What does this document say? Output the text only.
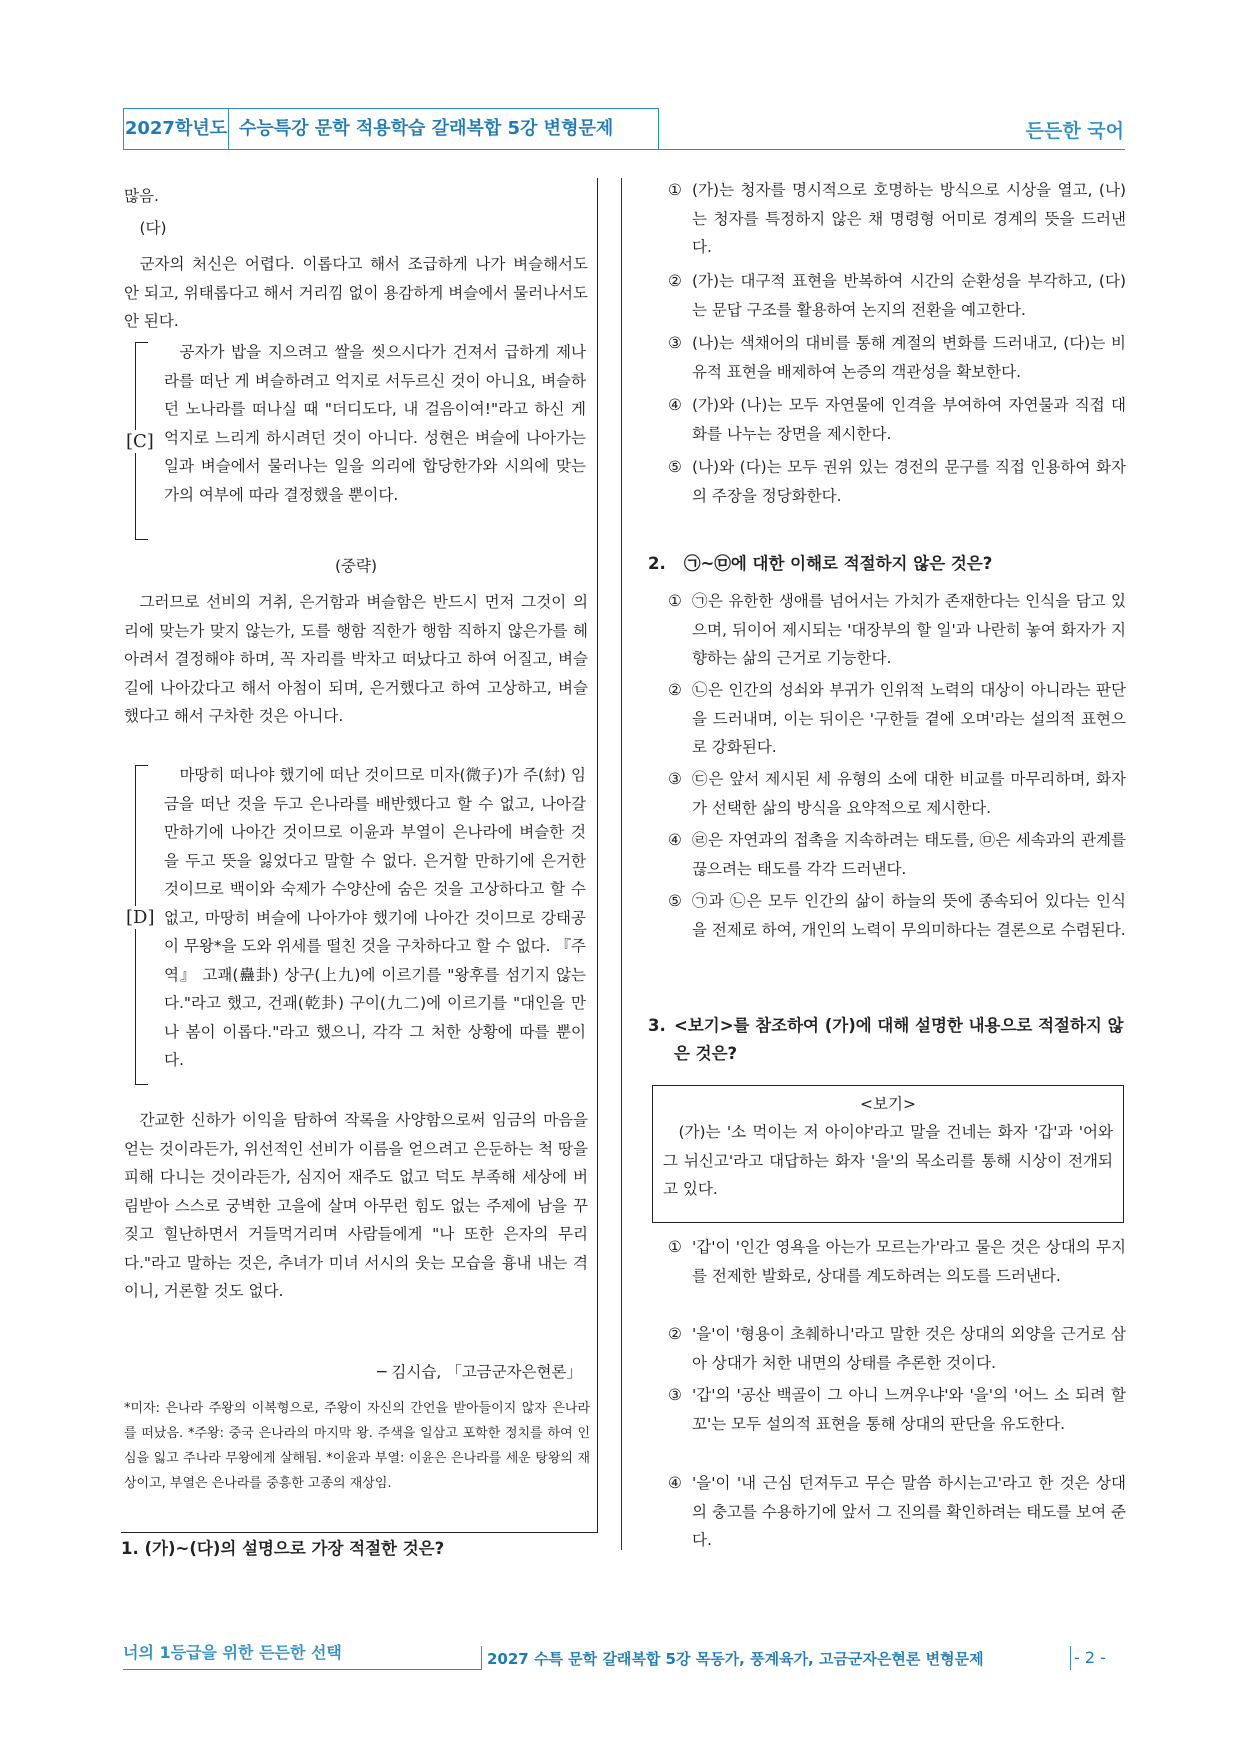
2027학년도 수능특강 문학 적용학습 갈래복합 5강 변형문제	든든한 국어
많음.
(다)

군자의 처신은 어렵다. 이롭다고 해서 조급하게 나가 벼슬해서도 안 되고, 위태롭다고 해서 거리낌 없이 용감하게 벼슬에서 물러나서도 안 된다.

[C]

공자가 밥을 지으려고 쌀을 씻으시다가 건져서 급하게 제나라를 떠난 게 벼슬하려고 억지로 서두르신 것이 아니요, 벼슬하던 노나라를 떠나실 때 "더디도다, 내 걸음이여!"라고 하신 게 억지로 느리게 하시려던 것이 아니다. 성현은 벼슬에 나아가는 일과 벼슬에서 물러나는 일을 의리에 합당한가와 시의에 맞는가의 여부에 따라 결정했을 뿐이다.

(중략)

그러므로 선비의 거취, 은거함과 벼슬함은 반드시 먼저 그것이 의리에 맞는가 맞지 않는가, 도를 행함 직한가 행함 직하지 않은가를 헤아려서 결정해야 하며, 꼭 자리를 박차고 떠났다고 하여 어질고, 벼슬길에 나아갔다고 해서 아첨이 되며, 은거했다고 하여 고상하고, 벼슬했다고 해서 구차한 것은 아니다.

[D]

마땅히 떠나야 했기에 떠난 것이므로 미자(微子)가 주(紂) 임금을 떠난 것을 두고 은나라를 배반했다고 할 수 없고, 나아갈 만하기에 나아간 것이므로 이윤과 부열이 은나라에 벼슬한 것을 두고 뜻을 잃었다고 말할 수 없다. 은거할 만하기에 은거한 것이므로 백이와 숙제가 수양산에 숨은 것을 고상하다고 할 수 없고, 마땅히 벼슬에 나아가야 했기에 나아간 것이므로 강태공이 무왕*을 도와 위세를 떨친 것을 구차하다고 할 수 없다. 『주역』 고괘(蠱卦) 상구(上九)에 이르기를 "왕후를 섬기지 않는다."라고 했고, 건괘(乾卦) 구이(九二)에 이르기를 "대인을 만나 봄이 이롭다."라고 했으니, 각각 그 처한 상황에 따를 뿐이다.

간교한 신하가 이익을 탐하여 작록을 사양함으로써 임금의 마음을 얻는 것이라든가, 위선적인 선비가 이름을 얻으려고 은둔하는 척 땅을 피해 다니는 것이라든가, 심지어 재주도 없고 덕도 부족해 세상에 버림받아 스스로 궁벽한 고을에 살며 아무런 힘도 없는 주제에 남을 꾸짖고 힐난하면서 거들먹거리며 사람들에게 "나 또한 은자의 무리다."라고 말하는 것은, 추녀가 미녀 서시의 웃는 모습을 흉내 내는 격이니, 거론할 것도 없다.

─ 김시습, 「고금군자은현론」
*미자: 은나라 주왕의 이복형으로, 주왕이 자신의 간언을 받아들이지 않자 은나라를 떠났음. *주왕: 중국 은나라의 마지막 왕. 주색을 일삼고 포학한 정치를 하여 인심을 잃고 주나라 무왕에게 살해됨. *이윤과 부열: 이윤은 은나라를 세운 탕왕의 재상이고, 부열은 은나라를 중흥한 고종의 재상임.
1. (가)~(다)의 설명으로 가장 적절한 것은?
① (가)는 청자를 명시적으로 호명하는 방식으로 시상을 열고, (나)는 청자를 특정하지 않은 채 명령형 어미로 경계의 뜻을 드러낸다.
② (가)는 대구적 표현을 반복하여 시간의 순환성을 부각하고, (다)는 문답 구조를 활용하여 논지의 전환을 예고한다.
③ (나)는 색채어의 대비를 통해 계절의 변화를 드러내고, (다)는 비유적 표현을 배제하여 논증의 객관성을 확보한다.
④ (가)와 (나)는 모두 자연물에 인격을 부여하여 자연물과 직접 대화를 나누는 장면을 제시한다.
⑤ (나)와 (다)는 모두 권위 있는 경전의 문구를 직접 인용하여 화자의 주장을 정당화한다.
2.	㉠~㉤에 대한 이해로 적절하지 않은 것은?
① ㉠은 유한한 생애를 넘어서는 가치가 존재한다는 인식을 담고 있으며, 뒤이어 제시되는 '대장부의 할 일'과 나란히 놓여 화자가 지향하는 삶의 근거로 기능한다.
② ㉡은 인간의 성쇠와 부귀가 인위적 노력의 대상이 아니라는 판단을 드러내며, 이는 뒤이은 '구한들 곁에 오며'라는 설의적 표현으로 강화된다.
③ ㉢은 앞서 제시된 세 유형의 소에 대한 비교를 마무리하며, 화자가 선택한 삶의 방식을 요약적으로 제시한다.
④ ㉣은 자연과의 접촉을 지속하려는 태도를, ㉤은 세속과의 관계를 끊으려는 태도를 각각 드러낸다.
⑤ ㉠과 ㉡은 모두 인간의 삶이 하늘의 뜻에 종속되어 있다는 인식을 전제로 하여, 개인의 노력이 무의미하다는 결론으로 수렴된다.
3. <보기>를 참조하여 (가)에 대해 설명한 내용으로 적절하지 않은 것은?
<보기>
(가)는 '소 먹이는 저 아이야'라고 말을 건네는 화자 '갑'과 '어와 그 뉘신고'라고 대답하는 화자 '을'의 목소리를 통해 시상이 전개되고 있다.
① '갑'이 '인간 영욕을 아는가 모르는가'라고 물은 것은 상대의 무지를 전제한 발화로, 상대를 계도하려는 의도를 드러낸다.
② '을'이 '형용이 초췌하니'라고 말한 것은 상대의 외양을 근거로 삼아 상대가 처한 내면의 상태를 추론한 것이다.
③ '갑'의 '공산 백골이 그 아니 느꺼우냐'와 '을'의 '어느 소 되려 할꼬'는 모두 설의적 표현을 통해 상대의 판단을 유도한다.
④ '을'이 '내 근심 던져두고 무슨 말씀 하시는고'라고 한 것은 상대의 충고를 수용하기에 앞서 그 진의를 확인하려는 태도를 보여 준다.
너의 1등급을 위한 든든한 선택	2027 수특 문학 갈래복합 5강 목동가, 풍계육가, 고금군자은현론 변형문제	- 2 -
